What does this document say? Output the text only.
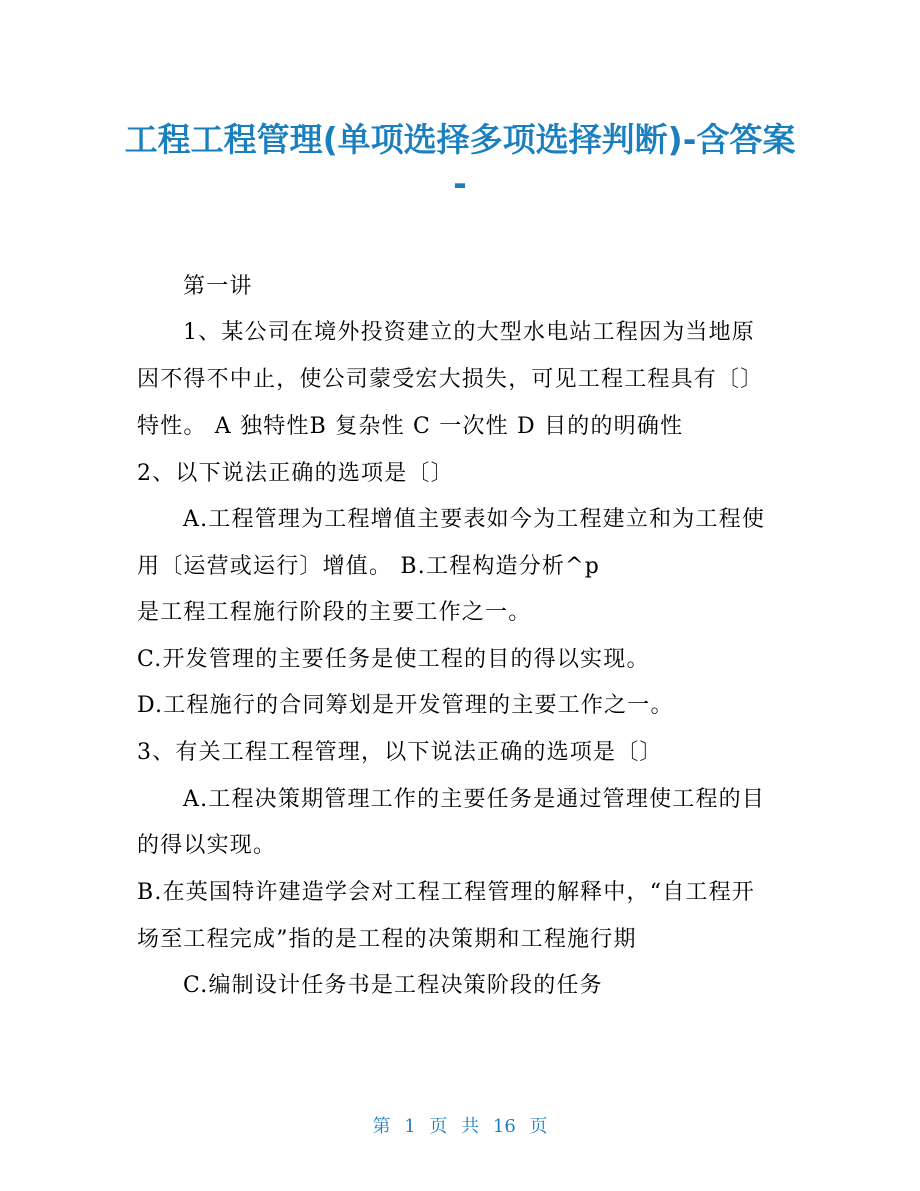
工程工程管理(单项选择多项选择判断)-含答案
-
第一讲
1、某公司在境外投资建立的大型水电站工程因为当地原
因不得不中止，使公司蒙受宏大损失，可见工程工程具有〔〕
特性。 A 独特性B 复杂性 C 一次性 D 目的的明确性
2、以下说法正确的选项是〔〕
A.工程管理为工程增值主要表如今为工程建立和为工程使
用〔运营或运行〕增值。 B.工程构造分析^p
是工程工程施行阶段的主要工作之一。
C.开发管理的主要任务是使工程的目的得以实现。
D.工程施行的合同筹划是开发管理的主要工作之一。
3、有关工程工程管理，以下说法正确的选项是〔〕
A.工程决策期管理工作的主要任务是通过管理使工程的目
的得以实现。
B.在英国特许建造学会对工程工程管理的解释中，“自工程开
场至工程完成”指的是工程的决策期和工程施行期
C.编制设计任务书是工程决策阶段的任务
第 1 页 共 16 页
